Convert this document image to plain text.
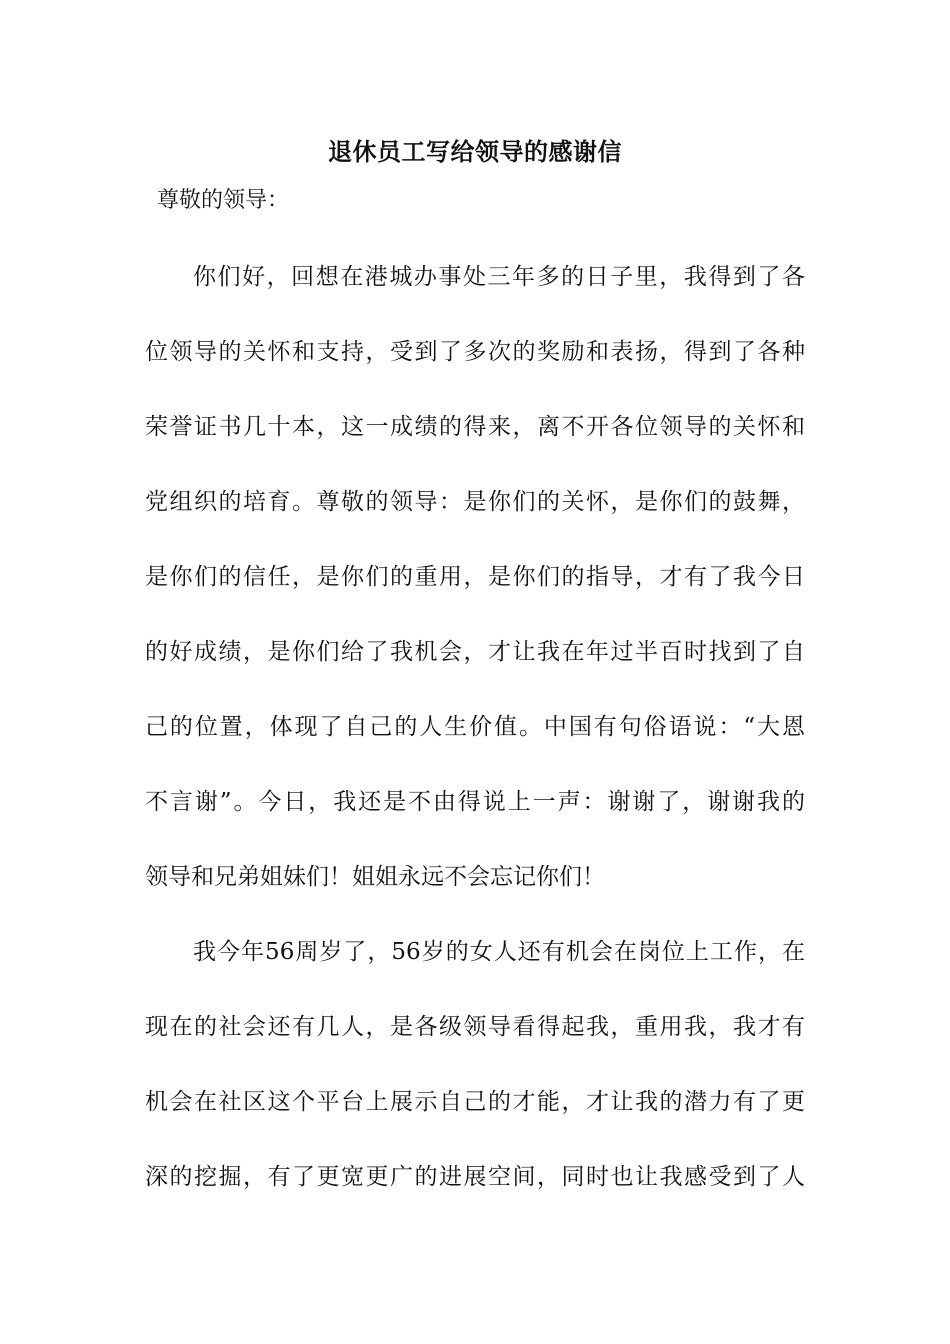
退休员工写给领导的感谢信
尊敬的领导：
你们好，回想在港城办事处三年多的日子里，我得到了各
位领导的关怀和支持，受到了多次的奖励和表扬，得到了各种
荣誉证书几十本，这一成绩的得来，离不开各位领导的关怀和
党组织的培育。尊敬的领导：是你们的关怀，是你们的鼓舞，
是你们的信任，是你们的重用，是你们的指导，才有了我今日
的好成绩，是你们给了我机会，才让我在年过半百时找到了自
己的位置，体现了自己的人生价值。中国有句俗语说：“大恩
不言谢”。今日，我还是不由得说上一声：谢谢了，谢谢我的
领导和兄弟姐妹们！姐姐永远不会忘记你们！
我今年56周岁了，56岁的女人还有机会在岗位上工作，在
现在的社会还有几人，是各级领导看得起我，重用我，我才有
机会在社区这个平台上展示自己的才能，才让我的潜力有了更
深的挖掘，有了更宽更广的进展空间，同时也让我感受到了人
